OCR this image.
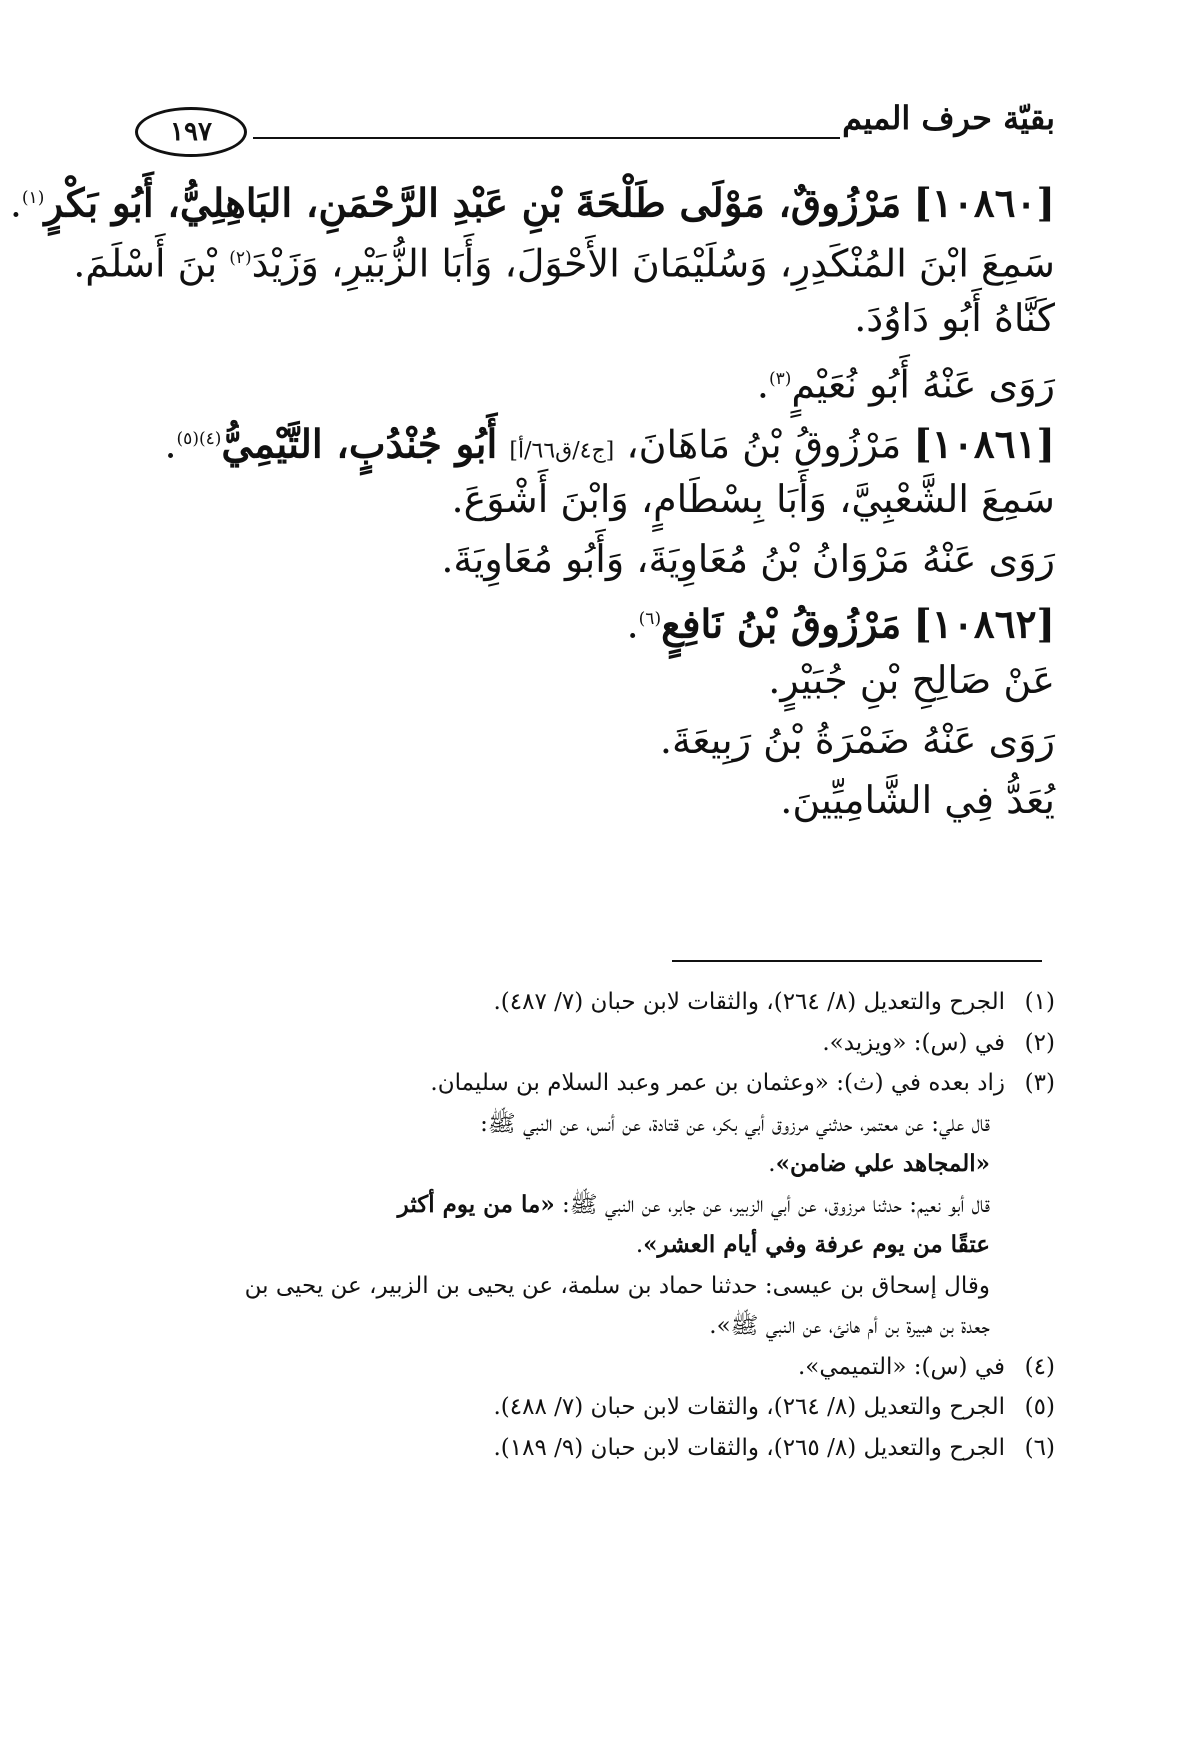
بقيّة حرف الميم
١٩٧
[١٠٨٦٠] مَرْزُوقٌ، مَوْلَى طَلْحَةَ بْنِ عَبْدِ الرَّحْمَنِ، البَاهِلِيُّ، أَبُو بَكْرٍ$^{(١)}$.
سَمِعَ ابْنَ المُنْكَدِرِ، وَسُلَيْمَانَ الأَحْوَلَ، وَأَبَا الزُّبَيْرِ، وَزَيْدَ$^{(٢)}$ بْنَ أَسْلَمَ.
كَنَّاهُ أَبُو دَاوُدَ.
رَوَى عَنْهُ أَبُو نُعَيْمٍ$^{(٣)}$.
[١٠٨٦١] مَرْزُوقُ بْنُ مَاهَانَ، [ج٤/ق٦٦/أ] أَبُو جُنْدُبٍ، التَّيْمِيُّ$^{(٤)(٥)}$.
سَمِعَ الشَّعْبِيَّ، وَأَبَا بِسْطَامٍ، وَابْنَ أَشْوَعَ.
رَوَى عَنْهُ مَرْوَانُ بْنُ مُعَاوِيَةَ، وَأَبُو مُعَاوِيَةَ.
[١٠٨٦٢] مَرْزُوقُ بْنُ نَافِعٍ$^{(٦)}$.
عَنْ صَالِحِ بْنِ جُبَيْرٍ.
رَوَى عَنْهُ ضَمْرَةُ بْنُ رَبِيعَةَ.
يُعَدُّ فِي الشَّامِيِّينَ.
(١)الجرح والتعديل (٨/ ٢٦٤)، والثقات لابن حبان (٧/ ٤٨٧).
(٢)في (س): «ويزيد».
(٣)زاد بعده في (ث): «وعثمان بن عمر وعبد السلام بن سليمان.
قال علي: عن معتمر، حدثني مرزوق أبي بكر، عن قتادة، عن أنس، عن النبي ﷺ:
«المجاهد علي ضامن».
قال أبو نعيم: حدثنا مرزوق، عن أبي الزبير، عن جابر، عن النبي ﷺ: «ما من يوم أكثر
عتقًا من يوم عرفة وفي أيام العشر».
وقال إسحاق بن عيسى: حدثنا حماد بن سلمة، عن يحيى بن الزبير، عن يحيى بن
جعدة بن هبيرة بن أم هانئ، عن النبي ﷺ».
(٤)في (س): «التميمي».
(٥)الجرح والتعديل (٨/ ٢٦٤)، والثقات لابن حبان (٧/ ٤٨٨).
(٦)الجرح والتعديل (٨/ ٢٦٥)، والثقات لابن حبان (٩/ ١٨٩).
